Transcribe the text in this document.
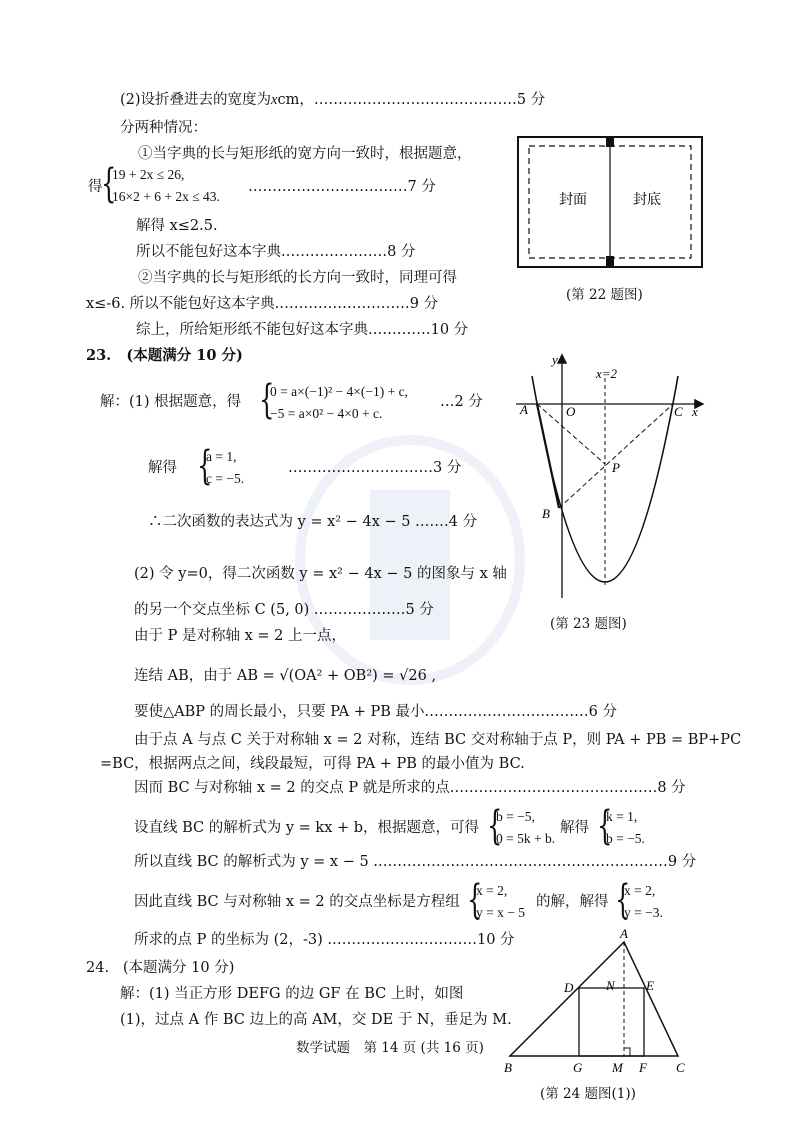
(2)设折叠进去的宽度为xcm，……………………………………5 分
分两种情况：
①当字典的长与矩形纸的宽方向一致时，根据题意，
得
{
19 + 2x ≤ 26,
16×2 + 6 + 2x ≤ 43.
……………………………7 分
解得 x≤2.5.
所以不能包好这本字典.…………………8 分
②当字典的长与矩形纸的长方向一致时，同理可得
x≤-6. 所以不能包好这本字典.………………………9 分
综上，所给矩形纸不能包好这本字典.…………10 分
封面	封底
(第 22 题图)
23. (本题满分 10 分)
解：(1) 根据题意，得 {
0 = a×(−1)² − 4×(−1) + c,
−5 = a×0² − 4×0 + c.
…2 分
解得 {
a = 1,
c = −5.
…………………………3 分
∴二次函数的表达式为 y = x² − 4x − 5 .……4 分
(2) 令 y=0，得二次函数 y = x² − 4x − 5 的图象与 x 轴
的另一个交点坐标 C (5, 0) .………………5 分
由于 P 是对称轴 x = 2 上一点，
连结 AB，由于 AB = √(OA² + OB²) = √26 ,
要使△ABP 的周长最小，只要 PA + PB 最小.……………………………6 分
由于点 A 与点 C 关于对称轴 x = 2 对称，连结 BC 交对称轴于点 P，则 PA + PB = BP+PC
=BC，根据两点之间，线段最短，可得 PA + PB 的最小值为 BC.
因而 BC 与对称轴 x = 2 的交点 P 就是所求的点.……………………………………8 分
设直线 BC 的解析式为 y = kx + b，根据题意，可得 {
b = −5,
0 = 5k + b.
解得 {
k = 1,
b = −5.
所以直线 BC 的解析式为 y = x − 5 .……………………………………………………9 分
因此直线 BC 与对称轴 x = 2 的交点坐标是方程组 {
x = 2,
y = x − 5
的解，解得 {
x = 2,
y = −3.
所求的点 P 的坐标为 (2，-3) .…………………………10 分
y
x
x=2
A	O	C
P
B
(第 23 题图)
24. (本题满分 10 分)
解：(1) 当正方形 DEFG 的边 GF 在 BC 上时，如图
(1)，过点 A 作 BC 边上的高 AM，交 DE 于 N，垂足为 M.
A
D	N E
B	G M F C
(第 24 题图(1))
数学试题　第 14 页 (共 16 页)
